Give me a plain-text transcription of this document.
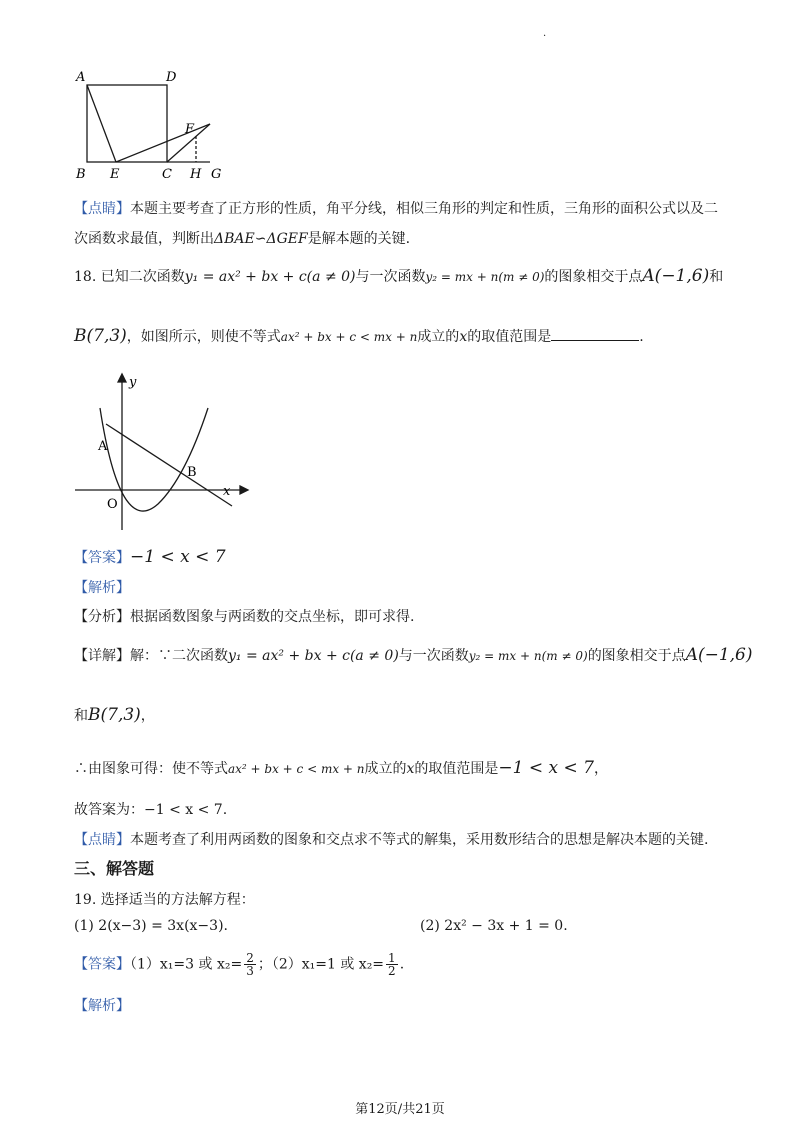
.
A	D
F
B E	C H G
【点睛】本题主要考查了正方形的性质，角平分线，相似三角形的判定和性质，三角形的面积公式以及二
次函数求最值，判断出ΔBAE∽ΔGEF是解本题的关键.
18. 已知二次函数y₁ = ax² + bx + c(a ≠ 0)与一次函数y₂ = mx + n(m ≠ 0)的图象相交于点A(−1,6)和
B(7,3)，如图所示，则使不等式ax² + bx + c < mx + n成立的x的取值范围是	.
y
x
A
B
O
【答案】−1 < x < 7
【解析】
【分析】根据函数图象与两函数的交点坐标，即可求得.
【详解】解：∵二次函数y₁ = ax² + bx + c(a ≠ 0)与一次函数y₂ = mx + n(m ≠ 0)的图象相交于点A(−1,6)
和B(7,3)，
∴由图象可得：使不等式ax² + bx + c < mx + n成立的x的取值范围是−1 < x < 7，
故答案为：−1 < x < 7.
【点睛】本题考查了利用两函数的图象和交点求不等式的解集，采用数形结合的思想是解决本题的关键.
三、解答题
19. 选择适当的方法解方程：
(1) 2(x−3) = 3x(x−3).	(2) 2x² − 3x + 1 = 0.
【答案】（1）x₁=3 或 $x_2= \frac{2}{3}$ ；（2）x₁=1 或 $x_2= \frac{1}{2}$ .
【解析】
第12页/共21页
